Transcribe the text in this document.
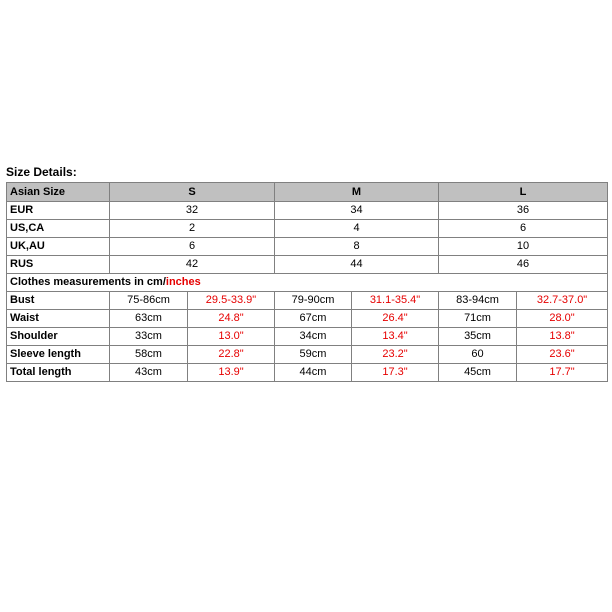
Size Details:
Asian Size	S		M		L	
EUR	32		34		36	
US,CA	2		4		6	
UK,AU	6		8		10	
RUS	42		44		46	
Clothes measurements in cm/inches						
Bust	75-86cm	29.5-33.9"	79-90cm	31.1-35.4"	83-94cm	32.7-37.0"
Waist	63cm	24.8"	67cm	26.4"	71cm	28.0"
Shoulder	33cm	13.0"	34cm	13.4"	35cm	13.8"
Sleeve length	58cm	22.8"	59cm	23.2"	60	23.6"
Total length	43cm	13.9"	44cm	17.3"	45cm	17.7"
